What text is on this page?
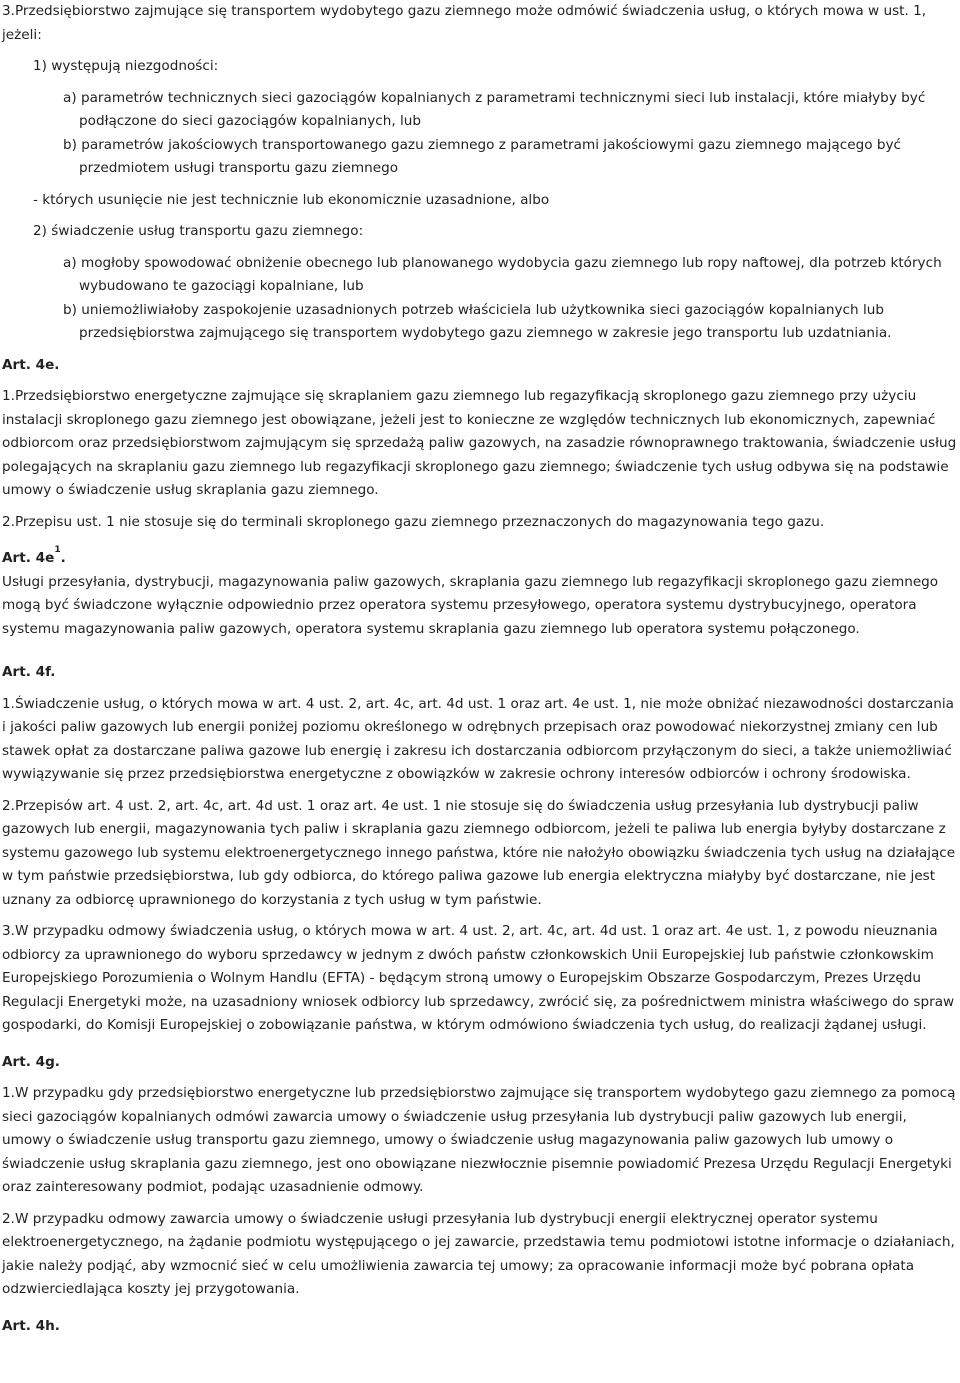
3.Przedsiębiorstwo zajmujące się transportem wydobytego gazu ziemnego może odmówić świadczenia usług, o których mowa w ust. 1, jeżeli:

1) występują niezgodności:

a) parametrów technicznych sieci gazociągów kopalnianych z parametrami technicznymi sieci lub instalacji, które miałyby być podłączone do sieci gazociągów kopalnianych, lub

b) parametrów jakościowych transportowanego gazu ziemnego z parametrami jakościowymi gazu ziemnego mającego być przedmiotem usługi transportu gazu ziemnego

- których usunięcie nie jest technicznie lub ekonomicznie uzasadnione, albo

2) świadczenie usług transportu gazu ziemnego:

a) mogłoby spowodować obniżenie obecnego lub planowanego wydobycia gazu ziemnego lub ropy naftowej, dla potrzeb których wybudowano te gazociągi kopalniane, lub

b) uniemożliwiałoby zaspokojenie uzasadnionych potrzeb właściciela lub użytkownika sieci gazociągów kopalnianych lub przedsiębiorstwa zajmującego się transportem wydobytego gazu ziemnego w zakresie jego transportu lub uzdatniania.

Art. 4e.

1.Przedsiębiorstwo energetyczne zajmujące się skraplaniem gazu ziemnego lub regazyfikacją skroplonego gazu ziemnego przy użyciu instalacji skroplonego gazu ziemnego jest obowiązane, jeżeli jest to konieczne ze względów technicznych lub ekonomicznych, zapewniać odbiorcom oraz przedsiębiorstwom zajmującym się sprzedażą paliw gazowych, na zasadzie równoprawnego traktowania, świadczenie usług polegających na skraplaniu gazu ziemnego lub regazyfikacji skroplonego gazu ziemnego; świadczenie tych usług odbywa się na podstawie umowy o świadczenie usług skraplania gazu ziemnego.

2.Przepisu ust. 1 nie stosuje się do terminali skroplonego gazu ziemnego przeznaczonych do magazynowania tego gazu.

Art. $4e^1$.

Usługi przesyłania, dystrybucji, magazynowania paliw gazowych, skraplania gazu ziemnego lub regazyfikacji skroplonego gazu ziemnego mogą być świadczone wyłącznie odpowiednio przez operatora systemu przesyłowego, operatora systemu dystrybucyjnego, operatora systemu magazynowania paliw gazowych, operatora systemu skraplania gazu ziemnego lub operatora systemu połączonego.

Art. 4f.

1.Świadczenie usług, o których mowa w art. 4 ust. 2, art. 4c, art. 4d ust. 1 oraz art. 4e ust. 1, nie może obniżać niezawodności dostarczania i jakości paliw gazowych lub energii poniżej poziomu określonego w odrębnych przepisach oraz powodować niekorzystnej zmiany cen lub stawek opłat za dostarczane paliwa gazowe lub energię i zakresu ich dostarczania odbiorcom przyłączonym do sieci, a także uniemożliwiać wywiązywanie się przez przedsiębiorstwa energetyczne z obowiązków w zakresie ochrony interesów odbiorców i ochrony środowiska.

2.Przepisów art. 4 ust. 2, art. 4c, art. 4d ust. 1 oraz art. 4e ust. 1 nie stosuje się do świadczenia usług przesyłania lub dystrybucji paliw gazowych lub energii, magazynowania tych paliw i skraplania gazu ziemnego odbiorcom, jeżeli te paliwa lub energia byłyby dostarczane z systemu gazowego lub systemu elektroenergetycznego innego państwa, które nie nałożyło obowiązku świadczenia tych usług na działające w tym państwie przedsiębiorstwa, lub gdy odbiorca, do którego paliwa gazowe lub energia elektryczna miałyby być dostarczane, nie jest uznany za odbiorcę uprawnionego do korzystania z tych usług w tym państwie.

3.W przypadku odmowy świadczenia usług, o których mowa w art. 4 ust. 2, art. 4c, art. 4d ust. 1 oraz art. 4e ust. 1, z powodu nieuznania odbiorcy za uprawnionego do wyboru sprzedawcy w jednym z dwóch państw członkowskich Unii Europejskiej lub państwie członkowskim Europejskiego Porozumienia o Wolnym Handlu (EFTA) - będącym stroną umowy o Europejskim Obszarze Gospodarczym, Prezes Urzędu Regulacji Energetyki może, na uzasadniony wniosek odbiorcy lub sprzedawcy, zwrócić się, za pośrednictwem ministra właściwego do spraw gospodarki, do Komisji Europejskiej o zobowiązanie państwa, w którym odmówiono świadczenia tych usług, do realizacji żądanej usługi.

Art. 4g.

1.W przypadku gdy przedsiębiorstwo energetyczne lub przedsiębiorstwo zajmujące się transportem wydobytego gazu ziemnego za pomocą sieci gazociągów kopalnianych odmówi zawarcia umowy o świadczenie usług przesyłania lub dystrybucji paliw gazowych lub energii, umowy o świadczenie usług transportu gazu ziemnego, umowy o świadczenie usług magazynowania paliw gazowych lub umowy o świadczenie usług skraplania gazu ziemnego, jest ono obowiązane niezwłocznie pisemnie powiadomić Prezesa Urzędu Regulacji Energetyki oraz zainteresowany podmiot, podając uzasadnienie odmowy.

2.W przypadku odmowy zawarcia umowy o świadczenie usługi przesyłania lub dystrybucji energii elektrycznej operator systemu elektroenergetycznego, na żądanie podmiotu występującego o jej zawarcie, przedstawia temu podmiotowi istotne informacje o działaniach, jakie należy podjąć, aby wzmocnić sieć w celu umożliwienia zawarcia tej umowy; za opracowanie informacji może być pobrana opłata odzwierciedlająca koszty jej przygotowania.

Art. 4h.
